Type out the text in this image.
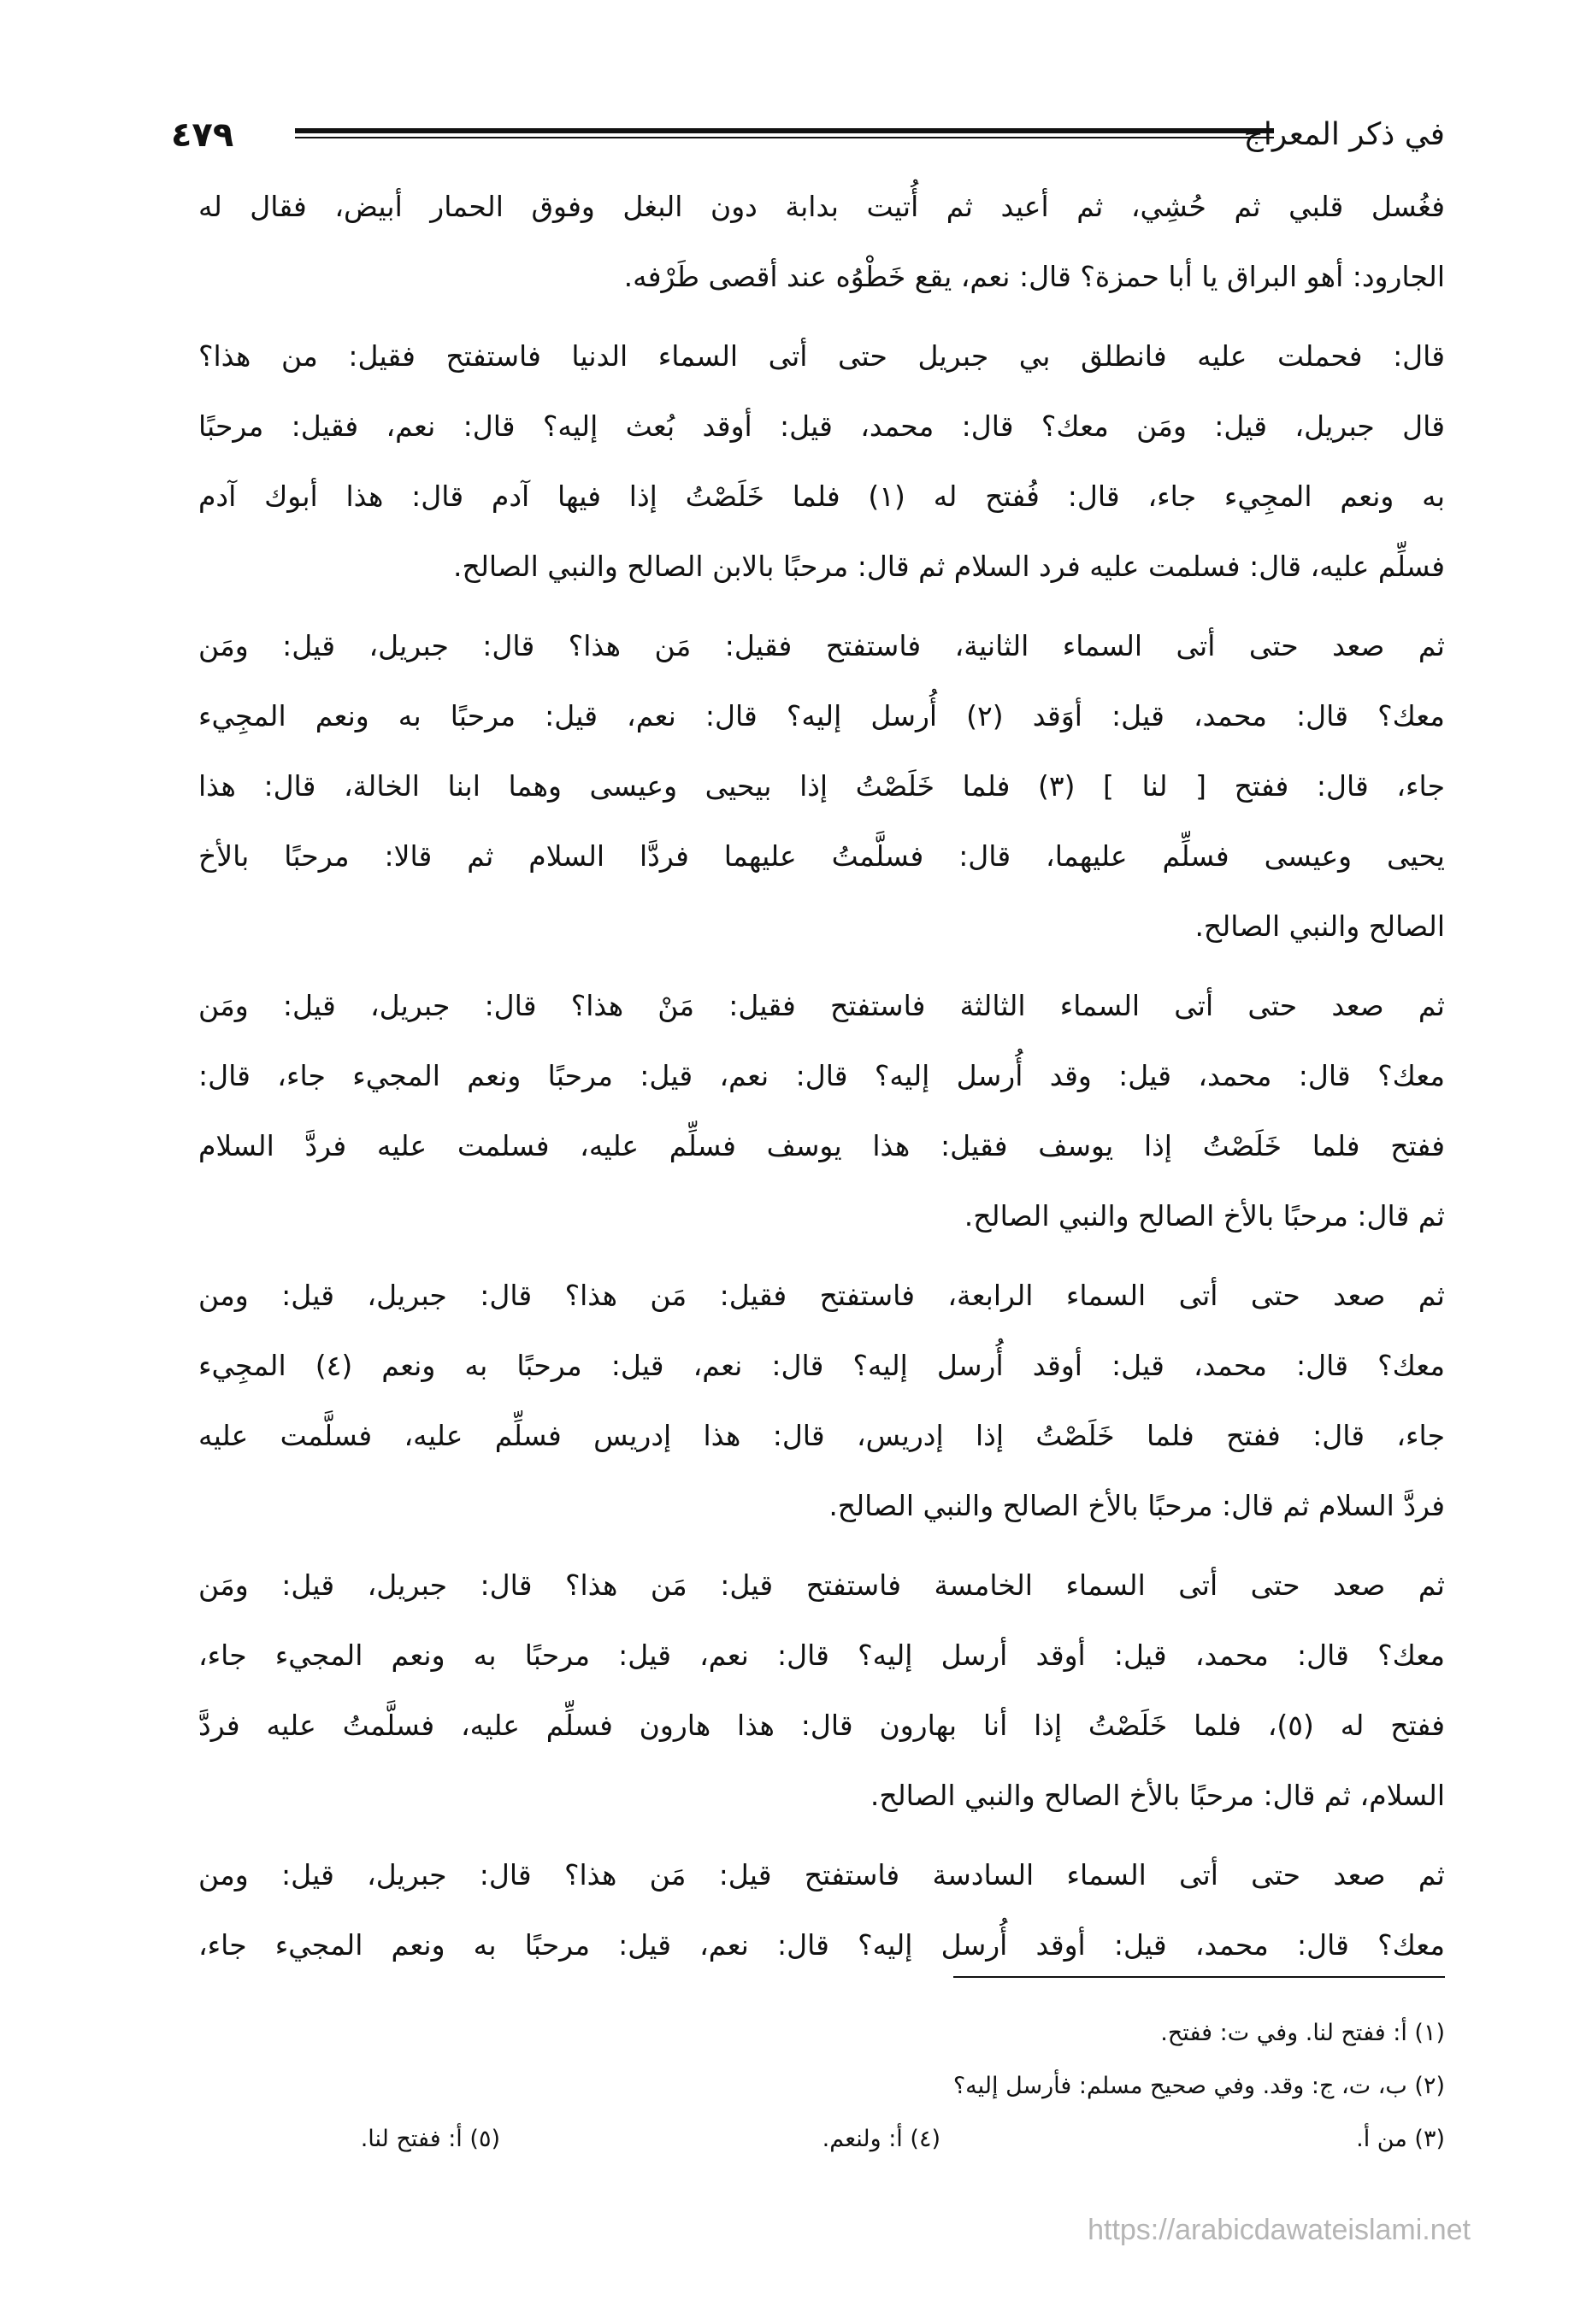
٤٧٩	في ذكر المعراج
فغُسل قلبي ثم حُشِي، ثم أعيد ثم أُتيت بدابة دون البغل وفوق الحمار أبيض، فقال له
الجارود: أهو البراق يا أبا حمزة؟ قال: نعم، يقع خَطْوُه عند أقصى طَرْفه.
قال: فحملت عليه فانطلق بي جبريل حتى أتى السماء الدنيا فاستفتح فقيل: من هذا؟
قال جبريل، قيل: ومَن معك؟ قال: محمد، قيل: أوقد بُعث إليه؟ قال: نعم، فقيل: مرحبًا
به ونعم المجِيء جاء، قال: فُفتح له (١) فلما خَلَصْتُ إذا فيها آدم قال: هذا أبوك آدم
فسلِّم عليه، قال: فسلمت عليه فرد السلام ثم قال: مرحبًا بالابن الصالح والنبي الصالح.
ثم صعد حتى أتى السماء الثانية، فاستفتح فقيل: مَن هذا؟ قال: جبريل، قيل: ومَن
معك؟ قال: محمد، قيل: أوَقد (٢) أُرسل إليه؟ قال: نعم، قيل: مرحبًا به ونعم المجِيء
جاء، قال: ففتح [ لنا ] (٣) فلما خَلَصْتُ إذا بيحيى وعيسى وهما ابنا الخالة، قال: هذا
يحيى وعيسى فسلِّم عليهما، قال: فسلَّمتُ عليهما فردَّا السلام ثم قالا: مرحبًا بالأخ
الصالح والنبي الصالح.
ثم صعد حتى أتى السماء الثالثة فاستفتح فقيل: مَنْ هذا؟ قال: جبريل، قيل: ومَن
معك؟ قال: محمد، قيل: وقد أُرسل إليه؟ قال: نعم، قيل: مرحبًا ونعم المجيء جاء، قال:
ففتح فلما خَلَصْتُ إذا يوسف فقيل: هذا يوسف فسلِّم عليه، فسلمت عليه فردَّ السلام
ثم قال: مرحبًا بالأخ الصالح والنبي الصالح.
ثم صعد حتى أتى السماء الرابعة، فاستفتح فقيل: مَن هذا؟ قال: جبريل، قيل: ومن
معك؟ قال: محمد، قيل: أوقد أُرسل إليه؟ قال: نعم، قيل: مرحبًا به ونعم (٤) المجِيء
جاء، قال: ففتح فلما خَلَصْتُ إذا إدريس، قال: هذا إدريس فسلِّم عليه، فسلَّمت عليه
فردَّ السلام ثم قال: مرحبًا بالأخ الصالح والنبي الصالح.
ثم صعد حتى أتى السماء الخامسة فاستفتح قيل: مَن هذا؟ قال: جبريل، قيل: ومَن
معك؟ قال: محمد، قيل: أوقد أرسل إليه؟ قال: نعم، قيل: مرحبًا به ونعم المجيء جاء،
ففتح له (٥)، فلما خَلَصْتُ إذا أنا بهارون قال: هذا هارون فسلِّم عليه، فسلَّمتُ عليه فردَّ
السلام، ثم قال: مرحبًا بالأخ الصالح والنبي الصالح.
ثم صعد حتى أتى السماء السادسة فاستفتح قيل: مَن هذا؟ قال: جبريل، قيل: ومن
معك؟ قال: محمد، قيل: أوقد أُرسل إليه؟ قال: نعم، قيل: مرحبًا به ونعم المجيء جاء،
(١) أ: ففتح لنا. وفي ت: ففتح.
(٢) ب، ت، ج: وقد. وفي صحيح مسلم: فأرسل إليه؟
(٣) من أ.
(٤) أ: ولنعم.
(٥) أ: ففتح لنا.
https://arabicdawateislami.net
